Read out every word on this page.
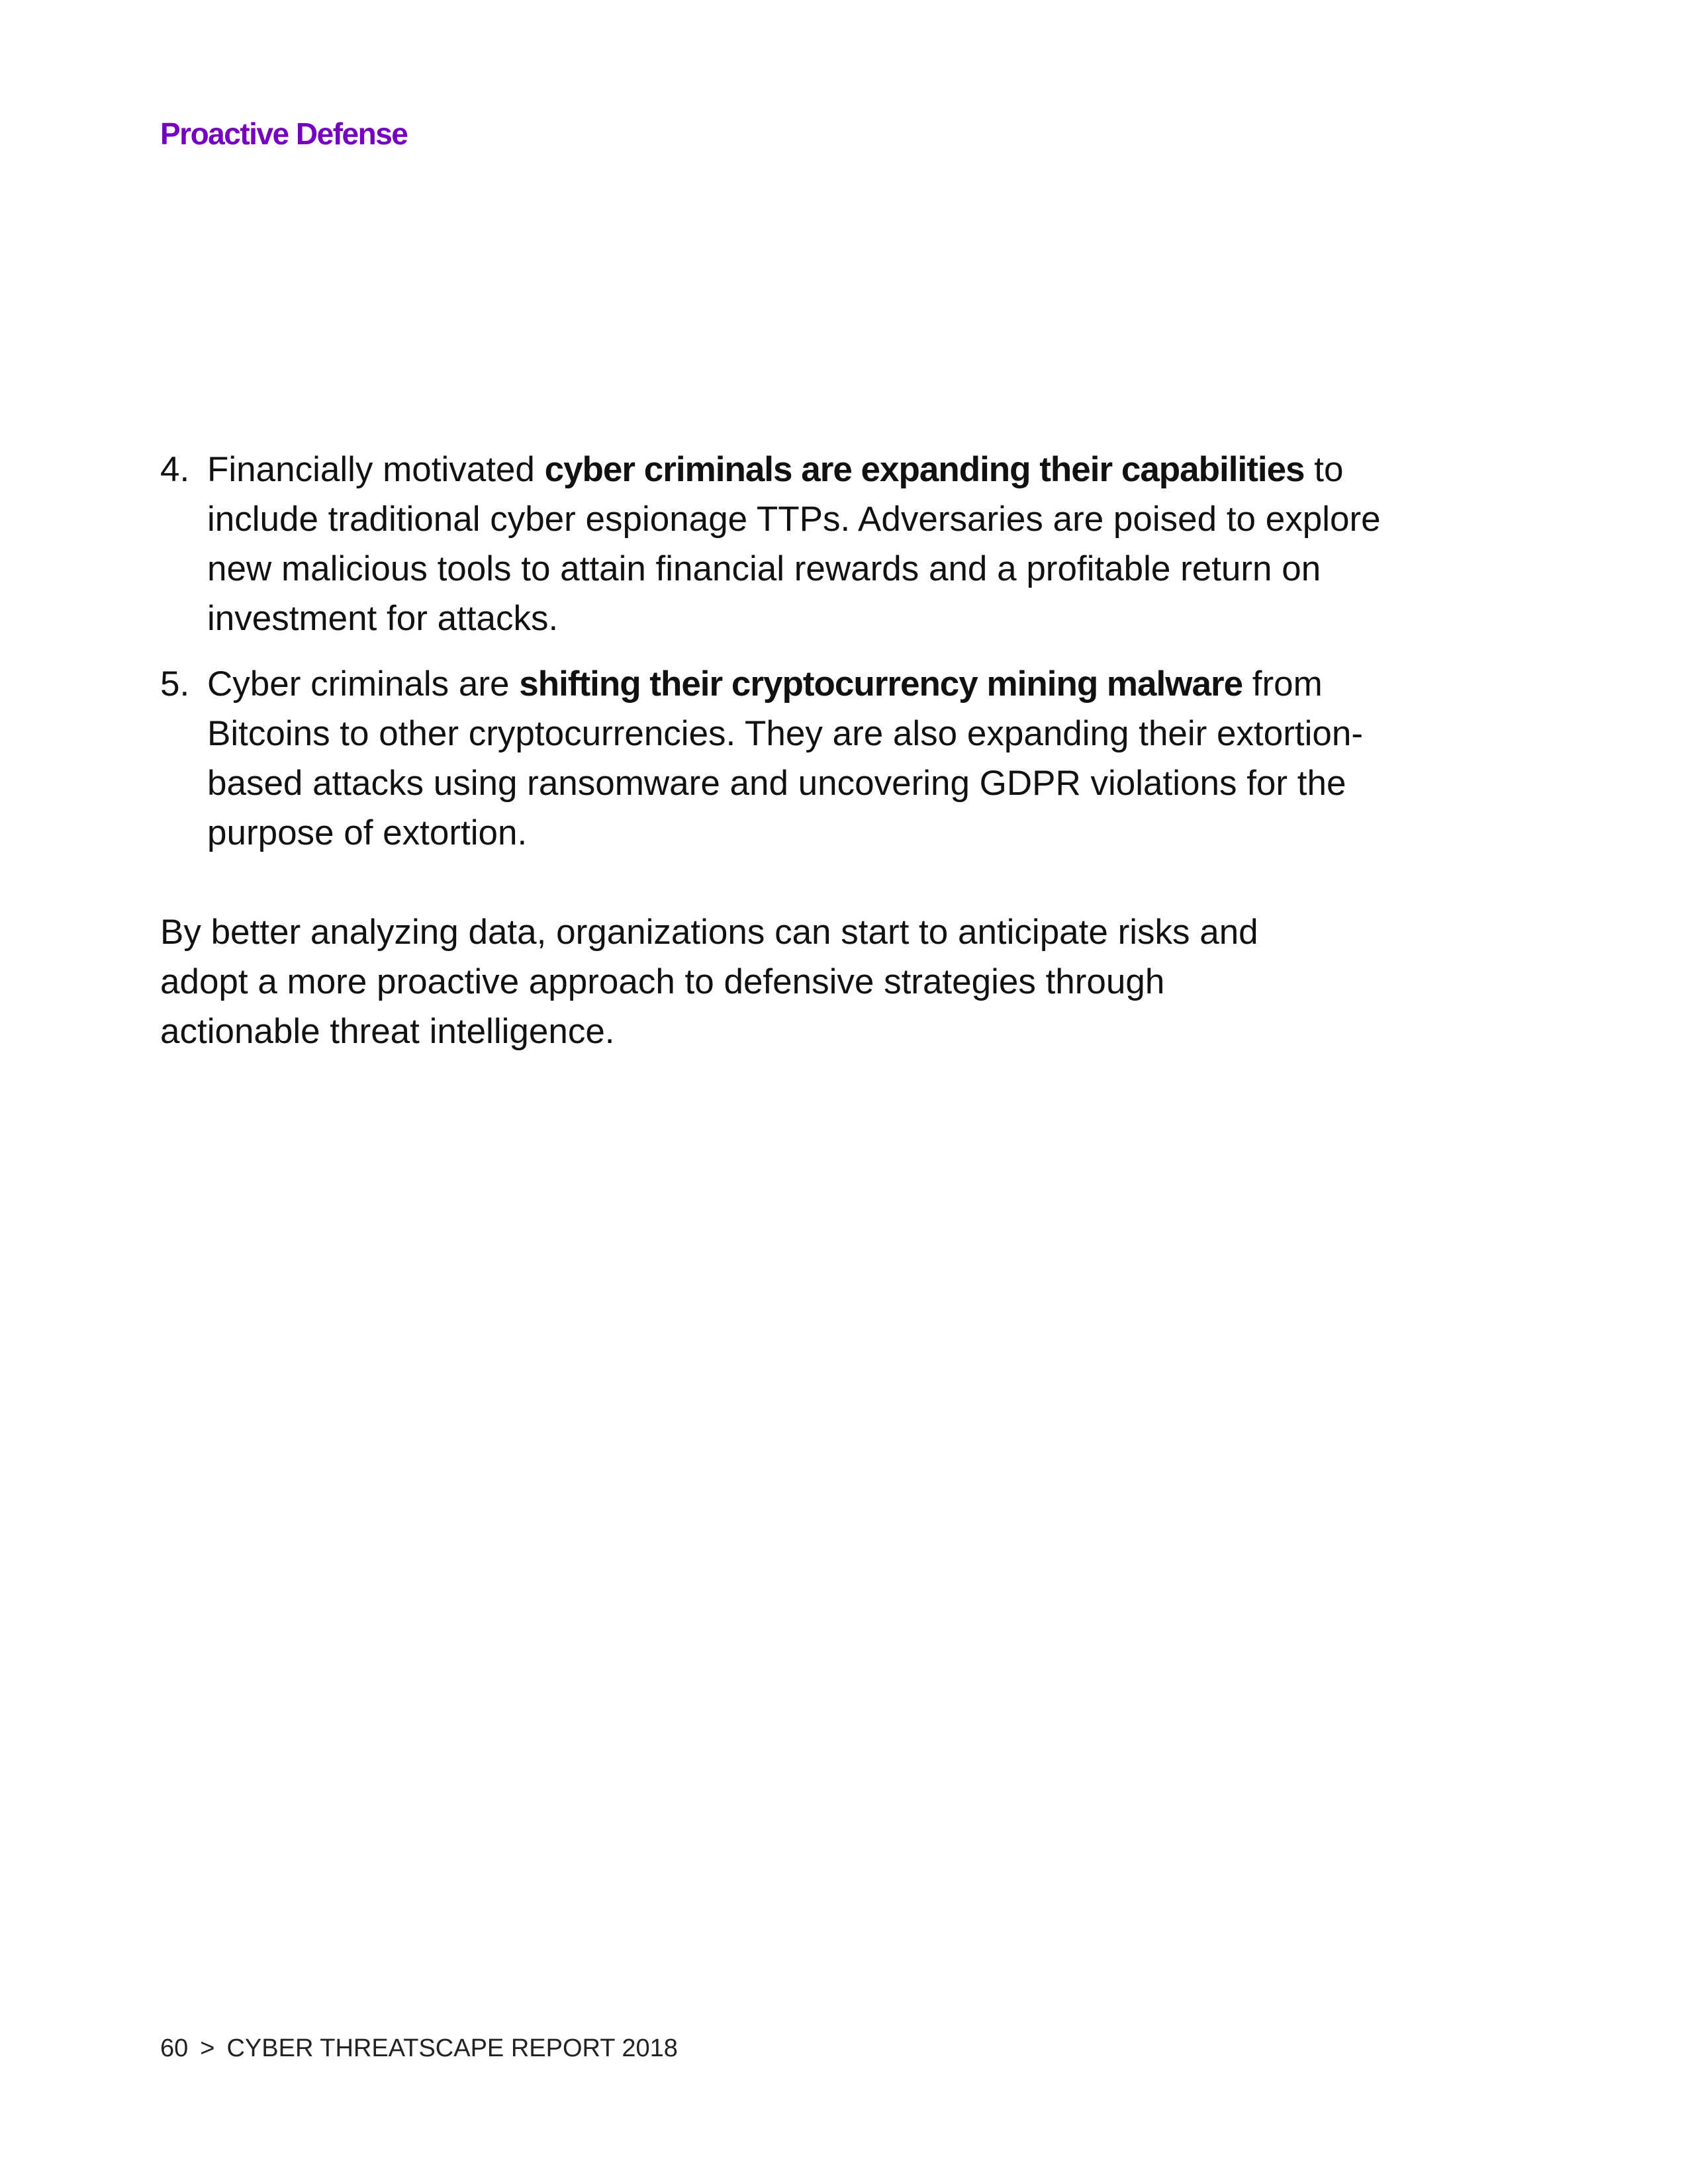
Proactive Defense
4. Financially motivated cyber criminals are expanding their capabilities to include traditional cyber espionage TTPs. Adversaries are poised to explore new malicious tools to attain financial rewards and a profitable return on investment for attacks.
5. Cyber criminals are shifting their cryptocurrency mining malware from Bitcoins to other cryptocurrencies. They are also expanding their extortion-based attacks using ransomware and uncovering GDPR violations for the purpose of extortion.

By better analyzing data, organizations can start to anticipate risks and adopt a more proactive approach to defensive strategies through actionable threat intelligence.

60 > CYBER THREATSCAPE REPORT 2018
